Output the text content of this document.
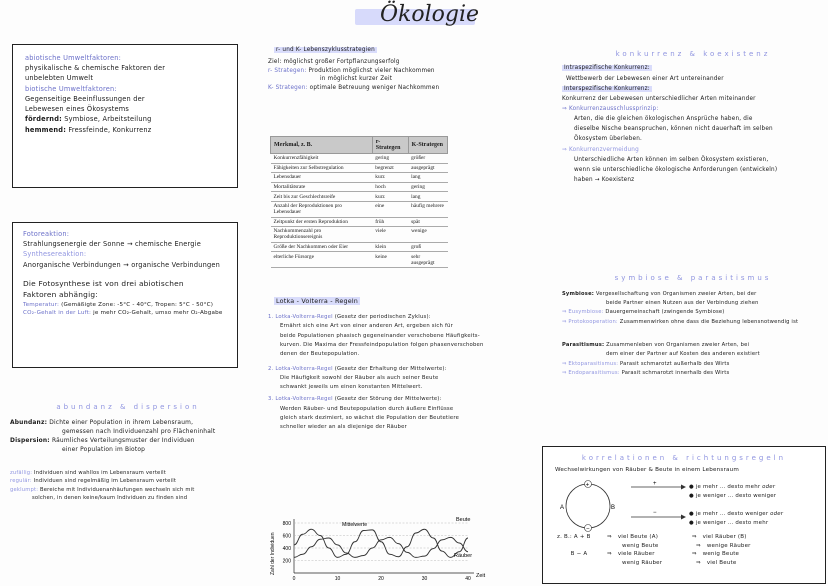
Ökologie
abiotische Umweltfaktoren:
physikalische & chemische Faktoren der
unbelebten Umwelt
biotische Umweltfaktoren:
Gegenseitige Beeinflussungen der
Lebewesen eines Ökosystems
fördernd: Symbiose, Arbeitsteilung
hemmend: Fressfeinde, Konkurrenz
Fotoreaktion:
Strahlungsenergie der Sonne → chemische Energie
Synthesereaktion:
Anorganische Verbindungen → organische Verbindungen
Die Fotosynthese ist von drei abiotischen
Faktoren abhängig:
Temperatur: (Gemäßigte Zone: -5°C - 40°C, Tropen: 5°C - 50°C)
CO₂-Gehalt in der Luft: je mehr CO₂-Gehalt, umso mehr O₂-Abgabe
abundanz & dispersion
Abundanz: Dichte einer Population in ihrem Lebensraum,
gemessen nach Individuenzahl pro Flächeninhalt
Dispersion: Räumliches Verteilungsmuster der Individuen
einer Population im Biotop
zufällig: Individuen sind wahllos im Lebensraum verteilt
regulär: Individuen sind regelmäßig im Lebensraum verteilt
geklumpt: Bereiche mit Individuenanhäufungen wechseln sich mit
solchen, in denen keine/kaum Individuen zu finden sind
r- und K- Lebenszyklusstrategien
Ziel: möglichst großer Fortpflanzungserfolg
r- Strategen: Produktion möglichst vieler Nachkommen
in möglichst kurzer Zeit
K- Strategen: optimale Betreuung weniger Nachkommen
Merkmal, z. B.	r-Strategen	K-Strategen
Konkurrenzfähigkeit	gering	größer
Fähigkeiten zur Selbstregulation	begrenzt	ausgeprägt
Lebensdauer	kurz	lang
Mortalitätsrate	hoch	gering
Zeit bis zur Geschlechtsreife	kurz	lang
Anzahl der Reproduktionen pro Lebensdauer	eine	häufig mehrere
Zeitpunkt der ersten Reproduktion	früh	spät
Nachkommenzahl pro Reproduktionsereignis	viele	wenige
Größe der Nachkommen oder Eier	klein	groß
elterliche Fürsorge	keine	sehr ausgeprägt
Lotka - Volterra - Regeln
1. Lotka-Volterra-Regel (Gesetz der periodischen Zyklus):
Ernährt sich eine Art von einer anderen Art, ergeben sich für
beide Populationen phasisch gegeneinander verschobene Häufigkeits-
kurven. Die Maxima der Fressfeindpopulation folgen phasenverschoben
denen der Beutepopulation.
2. Lotka-Volterra-Regel (Gesetz der Erhaltung der Mittelwerte):
Die Häufigkeit sowohl der Räuber als auch seiner Beute
schwankt jeweils um einen konstanten Mittelwert.
3. Lotka-Volterra-Regel (Gesetz der Störung der Mittelwerte):
Werden Räuber- und Beutepopulation durch äußere Einflüsse
gleich stark dezimiert, so wächst die Population der Beutetiere
schneller wieder an als diejenige der Räuber
200
400
600
800
0	10	20	30	40
Zahl der Individuen
Zeit
Mittelwerte
Beute
Räuber
konkurrenz & koexistenz
Intraspezifische Konkurrenz:
Wettbewerb der Lebewesen einer Art untereinander
Interspezifische Konkurrenz:
Konkurrenz der Lebewesen unterschiedlicher Arten miteinander
⇒ Konkurrenzausschlussprinzip:
Arten, die die gleichen ökologischen Ansprüche haben, die
dieselbe Nische beanspruchen, können nicht dauerhaft im selben
Ökosystem überleben.
⇒ Konkurrenzvermeidung
Unterschiedliche Arten können im selben Ökosystem existieren,
wenn sie unterschiedliche ökologische Anforderungen (entwickeln)
haben → Koexistenz
symbiose & parasitismus
Symbiose: Vergesellschaftung von Organismen zweier Arten, bei der
beide Partner einen Nutzen aus der Verbindung ziehen
⇒ Eusymbiose: Dauergemeinschaft (zwingende Symbiose)
⇒ Protokooperation: Zusammenwirken ohne dass die Beziehung lebensnotwendig ist
Parasitismus: Zusammenleben von Organismen zweier Arten, bei
dem einer der Partner auf Kosten des anderen existiert
⇒ Ektoparasitismus: Parasit schmarotzt außerhalb des Wirts
⇒ Endoparasitismus: Parasit schmarotzt innerhalb des Wirts
korrelationen & richtungsregeln
Wechselwirkungen von Räuber & Beute in einem Lebensraum
A	B
+
−
+
−
● je mehr … desto mehr oder
● je weniger … desto weniger
● je mehr … desto weniger oder
● je weniger … desto mehr
z. B.: A + B	⇒ viel Beute (A)	⇒ viel Räuber (B)
wenig Beute	⇒ wenige Räuber
B − A	⇒ viele Räuber	⇒ wenig Beute
wenig Räuber	⇒ viel Beute
